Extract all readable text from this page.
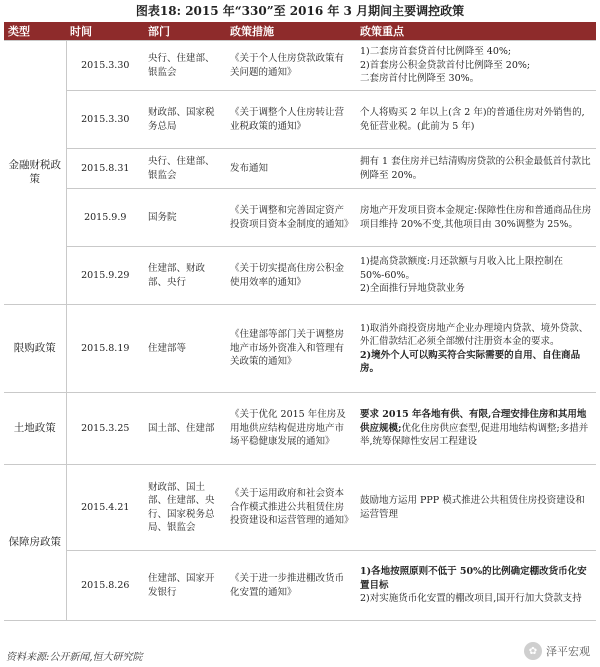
图表18: 2015 年“330”至 2016 年 3 月期间主要调控政策
类型	时间	部门	政策措施	政策重点
金融财税政策	2015.3.30	央行、住建部、银监会	《关于个人住房贷款政策有关问题的通知》	1)二套房首套贷首付比例降至 40%;
2)首套房公积金贷款首付比例降至 20%;
二套房首付比例降至 30%。
	2015.3.30	财政部、国家税务总局	《关于调整个人住房转让营业税政策的通知》	个人将购买 2 年以上(含 2 年)的普通住房对外销售的,免征营业税。(此前为 5 年)
	2015.8.31	央行、住建部、银监会	发布通知	拥有 1 套住房并已结清购房贷款的公积金最低首付款比例降至 20%。
	2015.9.9	国务院	《关于调整和完善固定资产投资项目资本金制度的通知》	房地产开发项目资本金规定:保障性住房和普通商品住房项目维持 20%不变,其他项目由 30%调整为 25%。
	2015.9.29	住建部、财政部、央行	《关于切实提高住房公积金使用效率的通知》	1)提高贷款额度:月还款额与月收入比上限控制在 50%-60%。
2)全面推行异地贷款业务
限购政策	2015.8.19	住建部等	《住建部等部门关于调整房地产市场外资准入和管理有关政策的通知》	1)取消外商投资房地产企业办理境内贷款、境外贷款、外汇借款结汇必须全部缴付注册资本金的要求。
2)境外个人可以购买符合实际需要的自用、自住商品房。

土地政策	2015.3.25	国土部、住建部	《关于优化 2015 年住房及用地供应结构促进房地产市场平稳健康发展的通知》	要求 2015 年各地有供、有限,合理安排住房和其用地供应规模;优化住房供应套型,促进用地结构调整;多措并举,统筹保障性安居工程建设
保障房政策	2015.4.21	财政部、国土部、住建部、央行、国家税务总局、银监会	《关于运用政府和社会资本合作模式推进公共租赁住房投资建设和运营管理的通知》	鼓励地方运用 PPP 模式推进公共租赁住房投资建设和运营管理
	2015.8.26	住建部、国家开发银行	《关于进一步推进棚改货币化安置的通知》	1)各地按照原则不低于 50%的比例确定棚改货币化安置目标
2)对实施货币化安置的棚改项目,国开行加大贷款支持
资料来源:公开新闻,恒大研究院
✿ 泽平宏观
